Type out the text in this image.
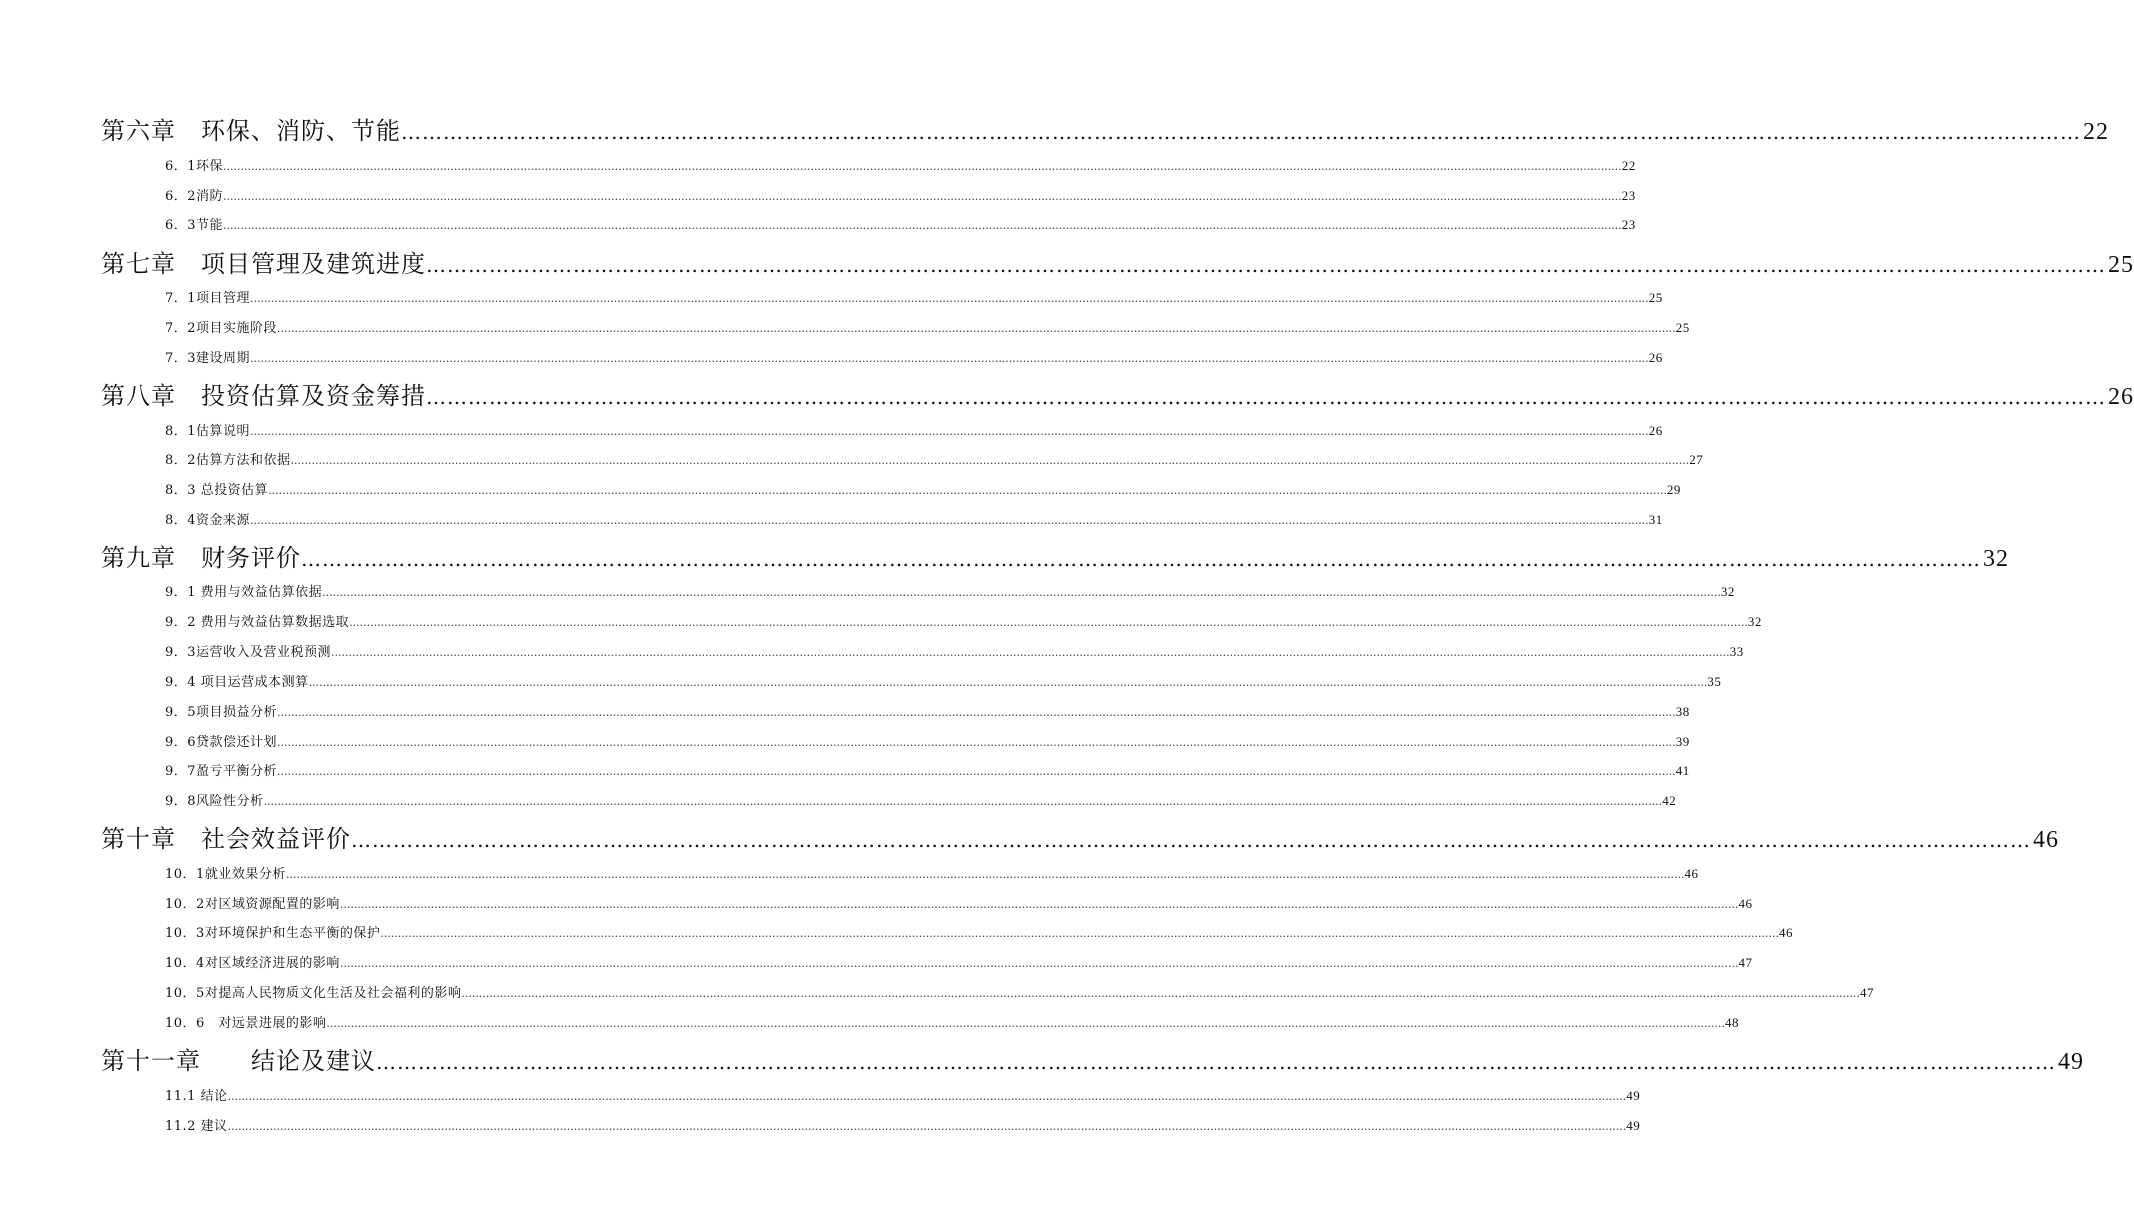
第六章　环保、消防、节能 …………………………………………………………………………………………………………………………………………………………………………………………………………………… 22
6．1环保 ................................................................................................................................................................................................................................................................................................................................................................................................................ 22
6．2消防 ................................................................................................................................................................................................................................................................................................................................................................................................................ 23
6．3节能 ................................................................................................................................................................................................................................................................................................................................................................................................................ 23
第七章　项目管理及建筑进度 …………………………………………………………………………………………………………………………………………………………………………………………………………………… 25
7．1项目管理 ................................................................................................................................................................................................................................................................................................................................................................................................................ 25
7．2项目实施阶段 ................................................................................................................................................................................................................................................................................................................................................................................................................ 25
7．3建设周期 ................................................................................................................................................................................................................................................................................................................................................................................................................ 26
第八章　投资估算及资金筹措 …………………………………………………………………………………………………………………………………………………………………………………………………………………… 26
8．1估算说明 ................................................................................................................................................................................................................................................................................................................................................................................................................ 26
8．2估算方法和依据 ................................................................................................................................................................................................................................................................................................................................................................................................................ 27
8．3 总投资估算 ................................................................................................................................................................................................................................................................................................................................................................................................................ 29
8．4资金来源 ................................................................................................................................................................................................................................................................................................................................................................................................................ 31
第九章　财务评价 …………………………………………………………………………………………………………………………………………………………………………………………………………………… 32
9．1 费用与效益估算依据 ................................................................................................................................................................................................................................................................................................................................................................................................................ 32
9．2 费用与效益估算数据选取 ................................................................................................................................................................................................................................................................................................................................................................................................................ 32
9．3运营收入及营业税预测 ................................................................................................................................................................................................................................................................................................................................................................................................................ 33
9．4 项目运营成本测算 ................................................................................................................................................................................................................................................................................................................................................................................................................ 35
9．5项目损益分析 ................................................................................................................................................................................................................................................................................................................................................................................................................ 38
9．6贷款偿还计划 ................................................................................................................................................................................................................................................................................................................................................................................................................ 39
9．7盈亏平衡分析 ................................................................................................................................................................................................................................................................................................................................................................................................................ 41
9．8风险性分析 ................................................................................................................................................................................................................................................................................................................................................................................................................ 42
第十章　社会效益评价 …………………………………………………………………………………………………………………………………………………………………………………………………………………… 46
10．1就业效果分析 ................................................................................................................................................................................................................................................................................................................................................................................................................ 46
10．2对区域资源配置的影响 ................................................................................................................................................................................................................................................................................................................................................................................................................ 46
10．3对环境保护和生态平衡的保护 ................................................................................................................................................................................................................................................................................................................................................................................................................ 46
10．4对区域经济进展的影响 ................................................................................................................................................................................................................................................................................................................................................................................................................ 47
10．5对提高人民物质文化生活及社会福利的影响 ................................................................................................................................................................................................................................................................................................................................................................................................................ 47
10．6　对远景进展的影响 ................................................................................................................................................................................................................................................................................................................................................................................................................ 48
第十一章　　结论及建议 …………………………………………………………………………………………………………………………………………………………………………………………………………………… 49
11.1 结论 ................................................................................................................................................................................................................................................................................................................................................................................................................ 49
11.2 建议 ................................................................................................................................................................................................................................................................................................................................................................................................................ 49
